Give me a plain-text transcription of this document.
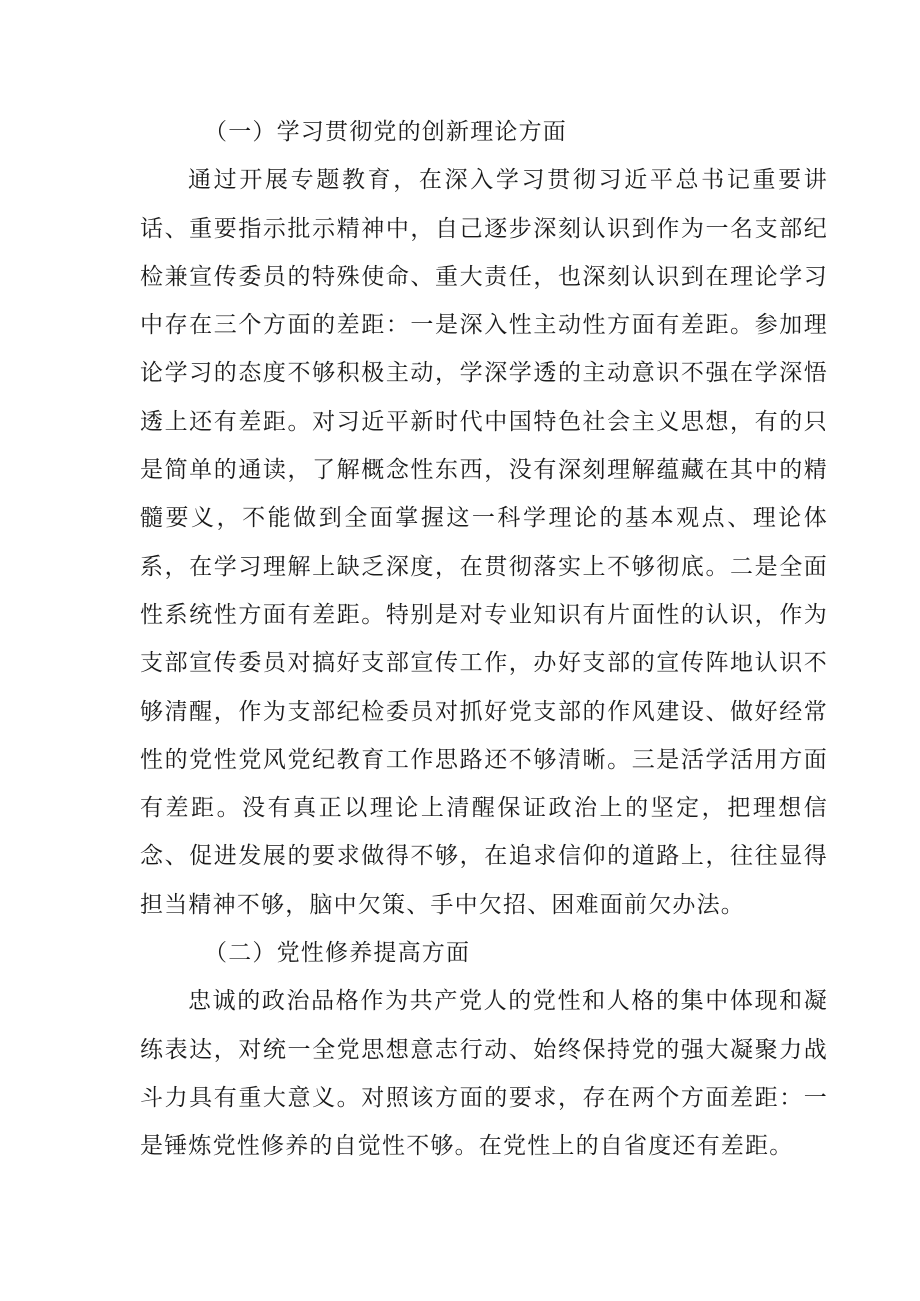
（一）学习贯彻党的创新理论方面

通过开展专题教育，在深入学习贯彻习近平总书记重要讲话、重要指示批示精神中，自己逐步深刻认识到作为一名支部纪检兼宣传委员的特殊使命、重大责任，也深刻认识到在理论学习中存在三个方面的差距：一是深入性主动性方面有差距。参加理论学习的态度不够积极主动，学深学透的主动意识不强在学深悟透上还有差距。对习近平新时代中国特色社会主义思想，有的只是简单的通读，了解概念性东西，没有深刻理解蕴藏在其中的精髓要义，不能做到全面掌握这一科学理论的基本观点、理论体系，在学习理解上缺乏深度，在贯彻落实上不够彻底。二是全面性系统性方面有差距。特别是对专业知识有片面性的认识，作为支部宣传委员对搞好支部宣传工作，办好支部的宣传阵地认识不够清醒，作为支部纪检委员对抓好党支部的作风建设、做好经常性的党性党风党纪教育工作思路还不够清晰。三是活学活用方面有差距。没有真正以理论上清醒保证政治上的坚定，把理想信念、促进发展的要求做得不够，在追求信仰的道路上，往往显得担当精神不够，脑中欠策、手中欠招、困难面前欠办法。

（二）党性修养提高方面

忠诚的政治品格作为共产党人的党性和人格的集中体现和凝练表达，对统一全党思想意志行动、始终保持党的强大凝聚力战斗力具有重大意义。对照该方面的要求，存在两个方面差距：一是锤炼党性修养的自觉性不够。在党性上的自省度还有差距。
